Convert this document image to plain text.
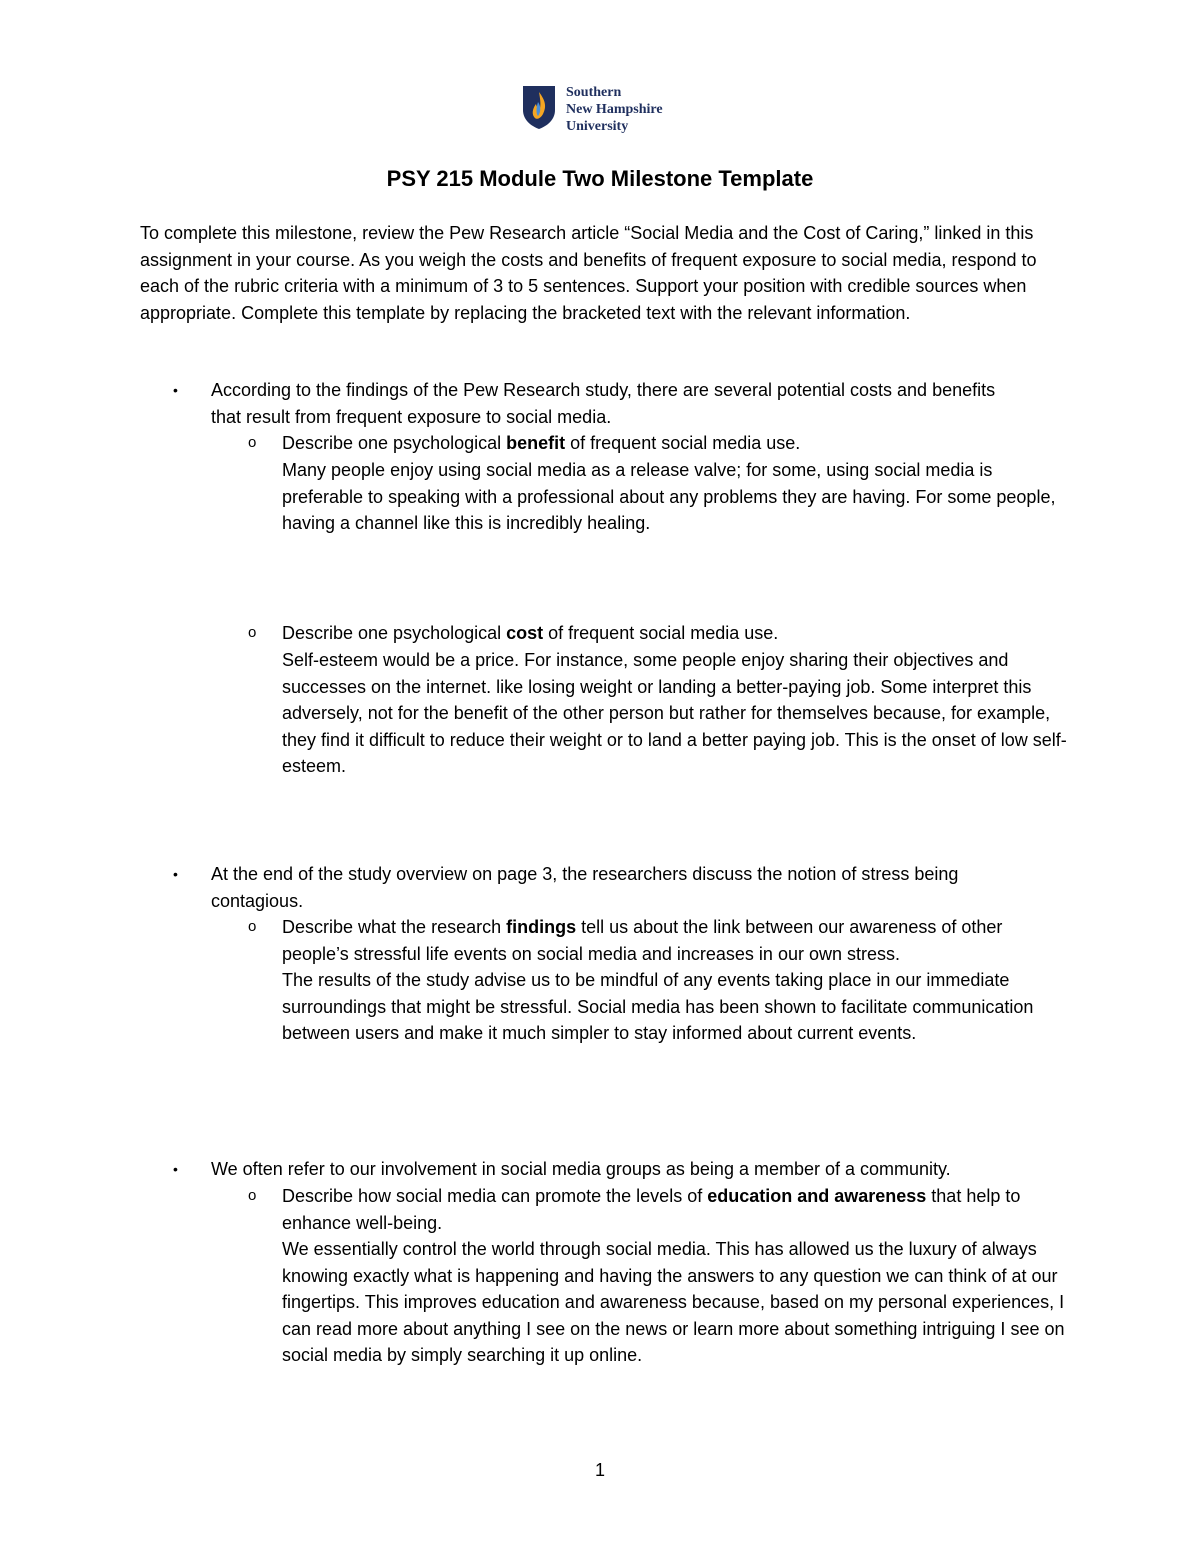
Southern
New Hampshire
University
PSY 215 Module Two Milestone Template
To complete this milestone, review the Pew Research article “Social Media and the Cost of Caring,” linked in this assignment in your course. As you weigh the costs and benefits of frequent exposure to social media, respond to each of the rubric criteria with a minimum of 3 to 5 sentences. Support your position with credible sources when appropriate. Complete this template by replacing the bracketed text with the relevant information.
• According to the findings of the Pew Research study, there are several potential costs and benefits that result from frequent exposure to social media.
o Describe one psychological benefit of frequent social media use.
Many people enjoy using social media as a release valve; for some, using social media is preferable to speaking with a professional about any problems they are having. For some people, having a channel like this is incredibly healing.
o Describe one psychological cost of frequent social media use.
Self-esteem would be a price. For instance, some people enjoy sharing their objectives and successes on the internet. like losing weight or landing a better-paying job. Some interpret this adversely, not for the benefit of the other person but rather for themselves because, for example, they find it difficult to reduce their weight or to land a better paying job. This is the onset of low self-esteem.
• At the end of the study overview on page 3, the researchers discuss the notion of stress being contagious.
o Describe what the research findings tell us about the link between our awareness of other people’s stressful life events on social media and increases in our own stress.
The results of the study advise us to be mindful of any events taking place in our immediate surroundings that might be stressful. Social media has been shown to facilitate communication between users and make it much simpler to stay informed about current events.
• We often refer to our involvement in social media groups as being a member of a community.
o Describe how social media can promote the levels of education and awareness that help to enhance well-being.
We essentially control the world through social media. This has allowed us the luxury of always knowing exactly what is happening and having the answers to any question we can think of at our fingertips. This improves education and awareness because, based on my personal experiences, I can read more about anything I see on the news or learn more about something intriguing I see on social media by simply searching it up online.
1
